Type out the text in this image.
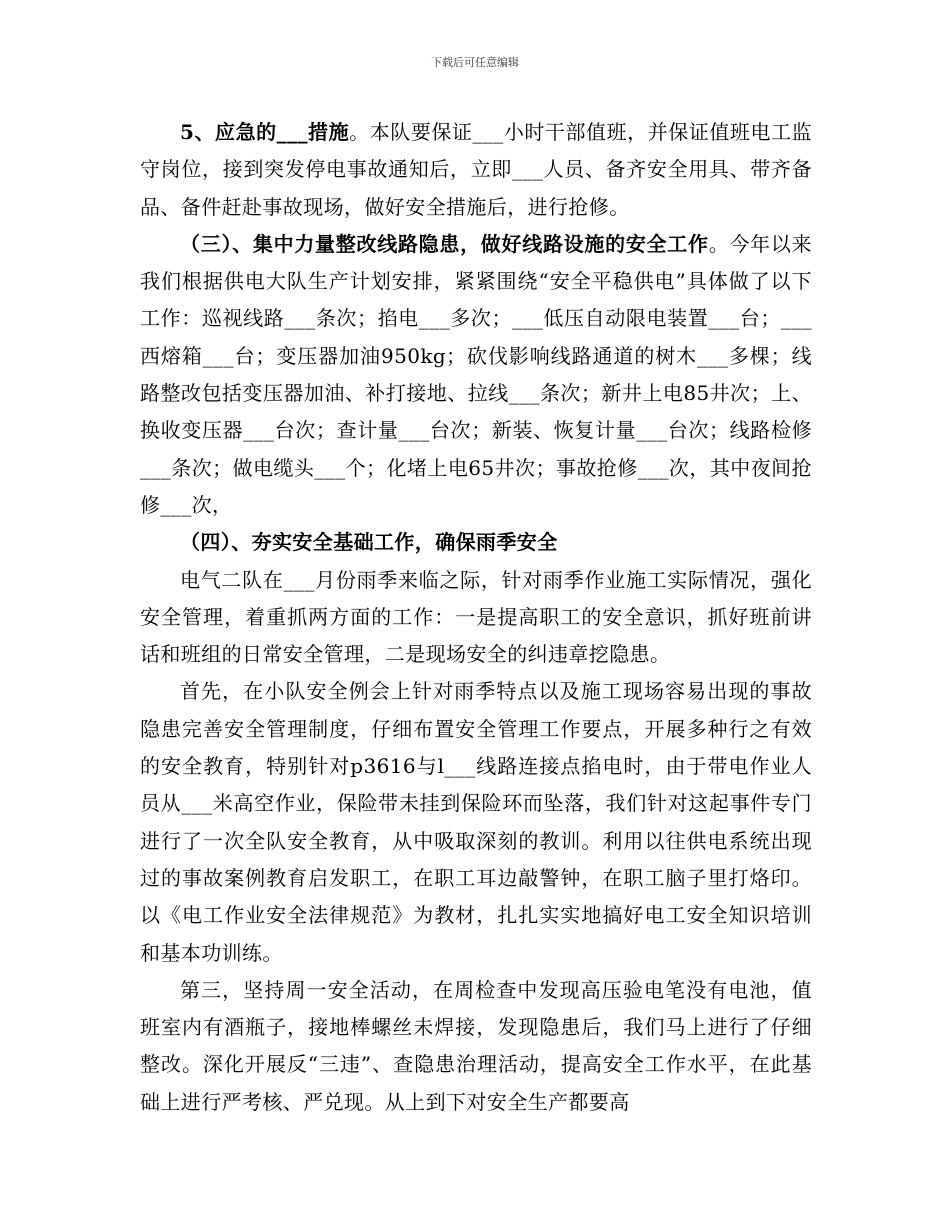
下载后可任意编辑

5、应急的___措施。本队要保证___小时干部值班，并保证值班电工监守岗位，接到突发停电事故通知后，立即___人员、备齐安全用具、带齐备品、备件赶赴事故现场，做好安全措施后，进行抢修。

（三）、集中力量整改线路隐患，做好线路设施的安全工作。今年以来我们根据供电大队生产计划安排，紧紧围绕“安全平稳供电”具体做了以下工作：巡视线路___条次；掐电___多次；___低压自动限电装置___台；___西熔箱___台；变压器加油950kg；砍伐影响线路通道的树木___多棵；线路整改包括变压器加油、补打接地、拉线___条次；新井上电85井次；上、换收变压器___台次；查计量___台次；新装、恢复计量___台次；线路检修___条次；做电缆头___个；化堵上电65井次；事故抢修___次，其中夜间抢修___次，

（四）、夯实安全基础工作，确保雨季安全

电气二队在___月份雨季来临之际，针对雨季作业施工实际情况，强化安全管理，着重抓两方面的工作：一是提高职工的安全意识，抓好班前讲话和班组的日常安全管理，二是现场安全的纠违章挖隐患。

首先，在小队安全例会上针对雨季特点以及施工现场容易出现的事故隐患完善安全管理制度，仔细布置安全管理工作要点，开展多种行之有效的安全教育，特别针对p3616与l___线路连接点掐电时，由于带电作业人员从___米高空作业，保险带未挂到保险环而坠落，我们针对这起事件专门进行了一次全队安全教育，从中吸取深刻的教训。利用以往供电系统出现过的事故案例教育启发职工，在职工耳边敲警钟，在职工脑子里打烙印。以《电工作业安全法律规范》为教材，扎扎实实地搞好电工安全知识培训和基本功训练。

第三，坚持周一安全活动，在周检查中发现高压验电笔没有电池，值班室内有酒瓶子，接地棒螺丝未焊接，发现隐患后，我们马上进行了仔细整改。深化开展反“三违”、查隐患治理活动，提高安全工作水平，在此基础上进行严考核、严兑现。从上到下对安全生产都要高
